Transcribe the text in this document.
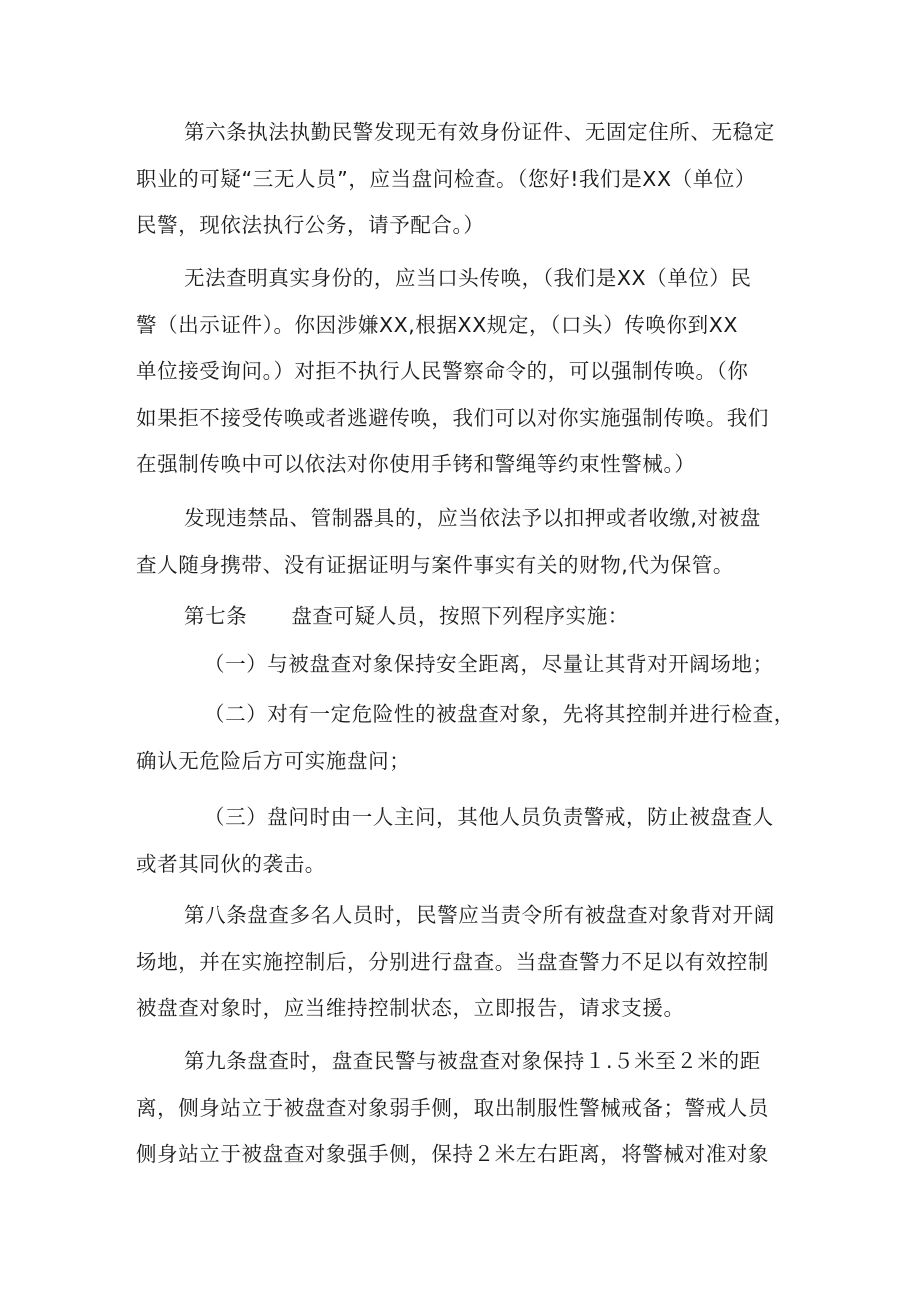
第六条执法执勤民警发现无有效身份证件、无固定住所、无稳定
职业的可疑“三无人员”，应当盘问检查。（您好!我们是XX（单位）
民警，现依法执行公务，请予配合。）
无法查明真实身份的，应当口头传唤，（我们是XX（单位）民
警（出示证件）。你因涉嫌XX,根据XX规定，（口头）传唤你到XX
单位接受询问。）对拒不执行人民警察命令的，可以强制传唤。（你
如果拒不接受传唤或者逃避传唤，我们可以对你实施强制传唤。我们
在强制传唤中可以依法对你使用手铐和警绳等约束性警械。）
发现违禁品、管制器具的，应当依法予以扣押或者收缴,对被盘
查人随身携带、没有证据证明与案件事实有关的财物,代为保管。
第七条 盘查可疑人员，按照下列程序实施：
（一）与被盘查对象保持安全距离，尽量让其背对开阔场地；
（二）对有一定危险性的被盘查对象，先将其控制并进行检查，
确认无危险后方可实施盘问；
（三）盘问时由一人主问，其他人员负责警戒，防止被盘查人
或者其同伙的袭击。
第八条盘查多名人员时，民警应当责令所有被盘查对象背对开阔
场地，并在实施控制后，分别进行盘查。当盘查警力不足以有效控制
被盘查对象时，应当维持控制状态，立即报告，请求支援。
第九条盘查时，盘查民警与被盘查对象保持１.５米至２米的距
离，侧身站立于被盘查对象弱手侧，取出制服性警械戒备；警戒人员
侧身站立于被盘查对象强手侧，保持２米左右距离，将警械对准对象
